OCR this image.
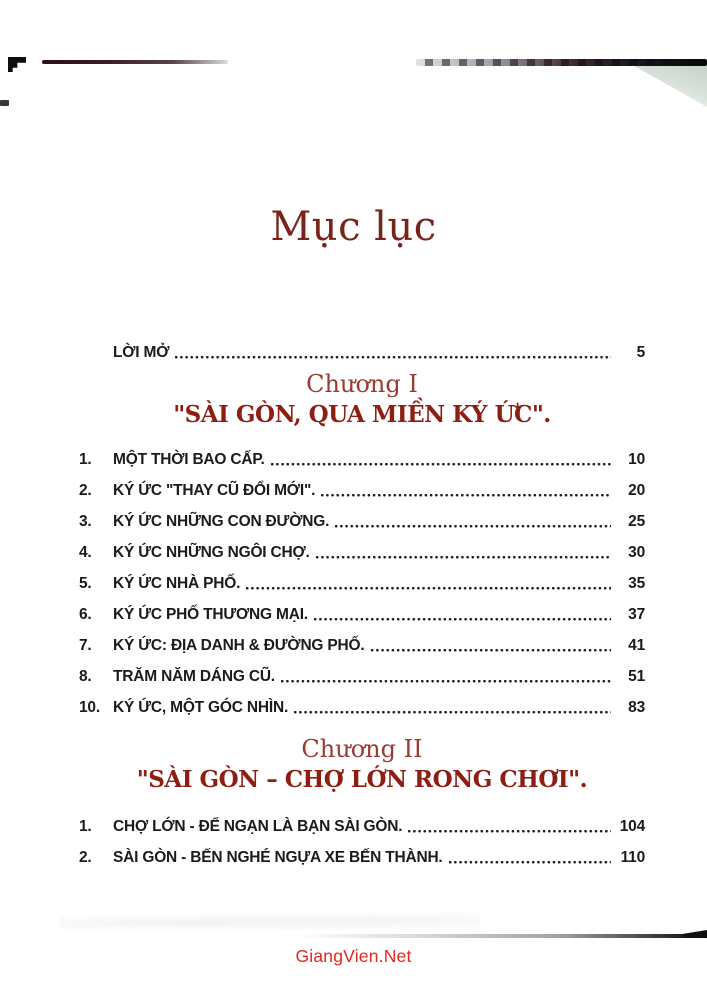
Mục lục
LỜI MỞ	5
Chương I
"SÀI GÒN, QUA MIỀN KÝ ỨC".
1.	MỘT THỜI BAO CẤP.	10
2.	KÝ ỨC "THAY CŨ ĐỔI MỚI".	20
3.	KÝ ỨC NHỮNG CON ĐƯỜNG.	25
4.	KÝ ỨC NHỮNG NGÔI CHỢ.	30
5.	KÝ ỨC NHÀ PHỐ.	35
6.	KÝ ỨC PHỐ THƯƠNG MẠI.	37
7.	KÝ ỨC: ĐỊA DANH & ĐƯỜNG PHỐ.	41
8.	TRĂM NĂM DÁNG CŨ.	51
10. KÝ ỨC, MỘT GÓC NHÌN.	83
Chương II
"SÀI GÒN – CHỢ LỚN RONG CHƠI".
1.	CHỢ LỚN - ĐỂ NGẠN LÀ BẠN SÀI GÒN.	104
2.	SÀI GÒN - BẾN NGHÉ NGỰA XE BẾN THÀNH.	110
GiangVien.Net
